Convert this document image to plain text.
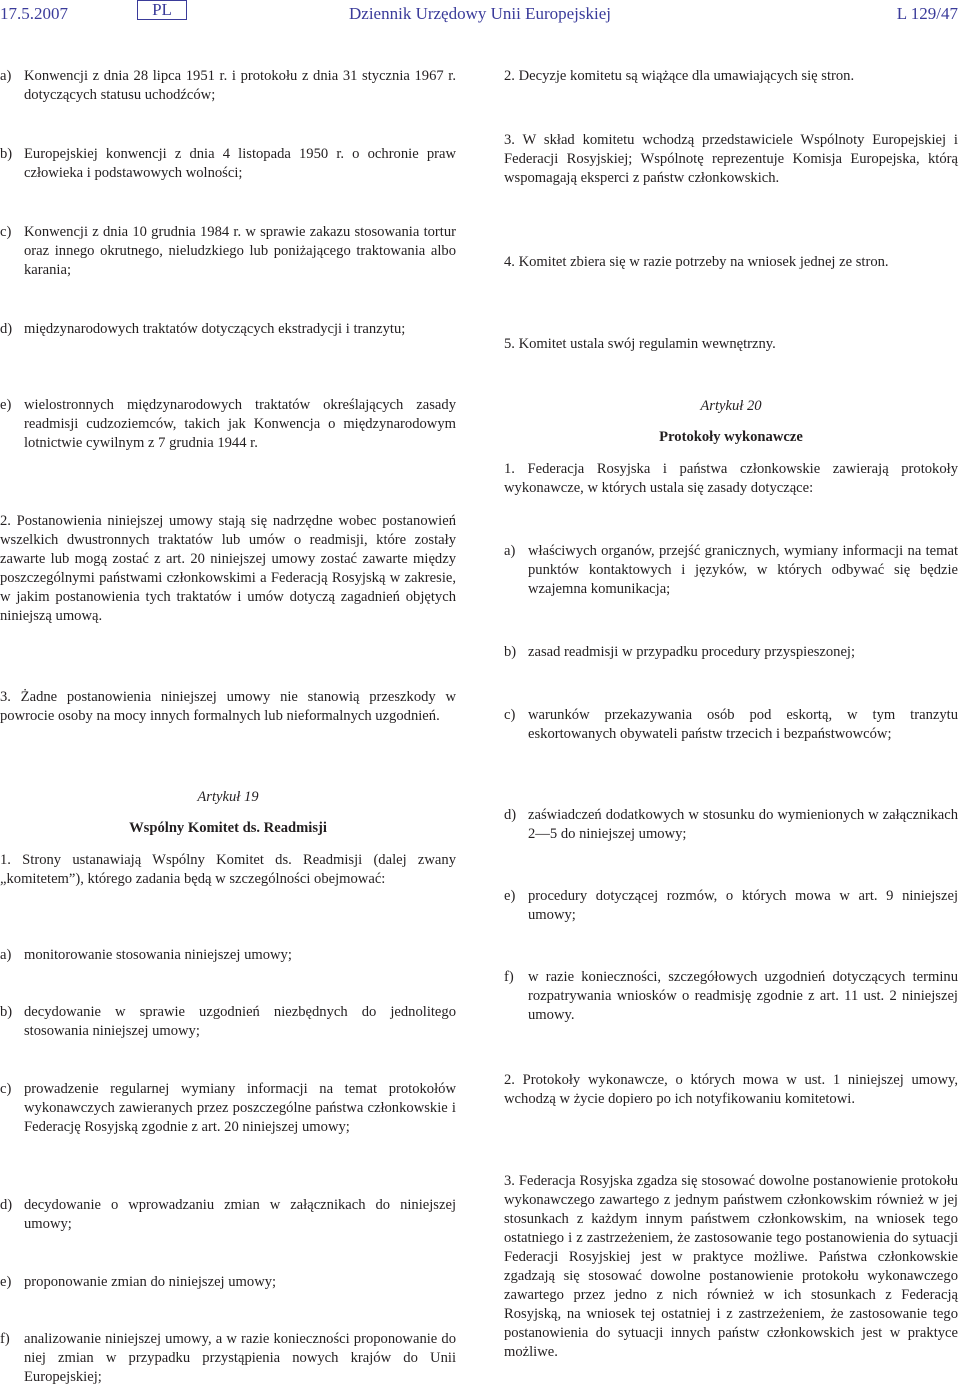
17.5.2007	PL	Dziennik Urzędowy Unii Europejskiej	L 129/47
a) Konwencji z dnia 28 lipca 1951 r. i protokołu z dnia 31 stycznia 1967 r. dotyczących statusu uchodźców;
b) Europejskiej konwencji z dnia 4 listopada 1950 r. o ochronie praw człowieka i podstawowych wolności;
c) Konwencji z dnia 10 grudnia 1984 r. w sprawie zakazu stosowania tortur oraz innego okrutnego, nieludzkiego lub poniżającego traktowania albo karania;
d) międzynarodowych traktatów dotyczących ekstradycji i tranzytu;
e) wielostronnych międzynarodowych traktatów określających zasady readmisji cudzoziemców, takich jak Konwencja o międzynarodowym lotnictwie cywilnym z 7 grudnia 1944 r.

2. Postanowienia niniejszej umowy stają się nadrzędne wobec postanowień wszelkich dwustronnych traktatów lub umów o readmisji, które zostały zawarte lub mogą zostać z art. 20 niniejszej umowy zostać zawarte między poszczególnymi państwami członkowskimi a Federacją Rosyjską w zakresie, w jakim postanowienia tych traktatów i umów dotyczą zagadnień objętych niniejszą umową.

3. Żadne postanowienia niniejszej umowy nie stanowią przeszkody w powrocie osoby na mocy innych formalnych lub nieformalnych uzgodnień.

Artykuł 19
Wspólny Komitet ds. Readmisji

1. Strony ustanawiają Wspólny Komitet ds. Readmisji (dalej zwany „komitetem”), którego zadania będą w szczególności obejmować:

a) monitorowanie stosowania niniejszej umowy;
b) decydowanie w sprawie uzgodnień niezbędnych do jednolitego stosowania niniejszej umowy;
c) prowadzenie regularnej wymiany informacji na temat protokołów wykonawczych zawieranych przez poszczególne państwa członkowskie i Federację Rosyjską zgodnie z art. 20 niniejszej umowy;
d) decydowanie o wprowadzaniu zmian w załącznikach do niniejszej umowy;
e) proponowanie zmian do niniejszej umowy;
f) analizowanie niniejszej umowy, a w razie konieczności proponowanie do niej zmian w przypadku przystąpienia nowych krajów do Unii Europejskiej;

2. Decyzje komitetu są wiążące dla umawiających się stron.

3. W skład komitetu wchodzą przedstawiciele Wspólnoty Europejskiej i Federacji Rosyjskiej; Wspólnotę reprezentuje Komisja Europejska, którą wspomagają eksperci z państw członkowskich.

4. Komitet zbiera się w razie potrzeby na wniosek jednej ze stron.

5. Komitet ustala swój regulamin wewnętrzny.

Artykuł 20
Protokoły wykonawcze

1. Federacja Rosyjska i państwa członkowskie zawierają protokoły wykonawcze, w których ustala się zasady dotyczące:

a) właściwych organów, przejść granicznych, wymiany informacji na temat punktów kontaktowych i języków, w których odbywać się będzie wzajemna komunikacja;
b) zasad readmisji w przypadku procedury przyspieszonej;
c) warunków przekazywania osób pod eskortą, w tym tranzytu eskortowanych obywateli państw trzecich i bezpaństwowców;
d) zaświadczeń dodatkowych w stosunku do wymienionych w załącznikach 2—5 do niniejszej umowy;
e) procedury dotyczącej rozmów, o których mowa w art. 9 niniejszej umowy;
f) w razie konieczności, szczegółowych uzgodnień dotyczących terminu rozpatrywania wniosków o readmisję zgodnie z art. 11 ust. 2 niniejszej umowy.

2. Protokoły wykonawcze, o których mowa w ust. 1 niniejszej umowy, wchodzą w życie dopiero po ich notyfikowaniu komitetowi.

3. Federacja Rosyjska zgadza się stosować dowolne postanowienie protokołu wykonawczego zawartego z jednym państwem członkowskim również w jej stosunkach z każdym innym państwem członkowskim, na wniosek tego ostatniego i z zastrzeżeniem, że zastosowanie tego postanowienia do sytuacji Federacji Rosyjskiej jest w praktyce możliwe. Państwa członkowskie zgadzają się stosować dowolne postanowienie protokołu wykonawczego zawartego przez jedno z nich również w ich stosunkach z Federacją Rosyjską, na wniosek tej ostatniej i z zastrzeżeniem, że zastosowanie tego postanowienia do sytuacji innych państw członkowskich jest w praktyce możliwe.
